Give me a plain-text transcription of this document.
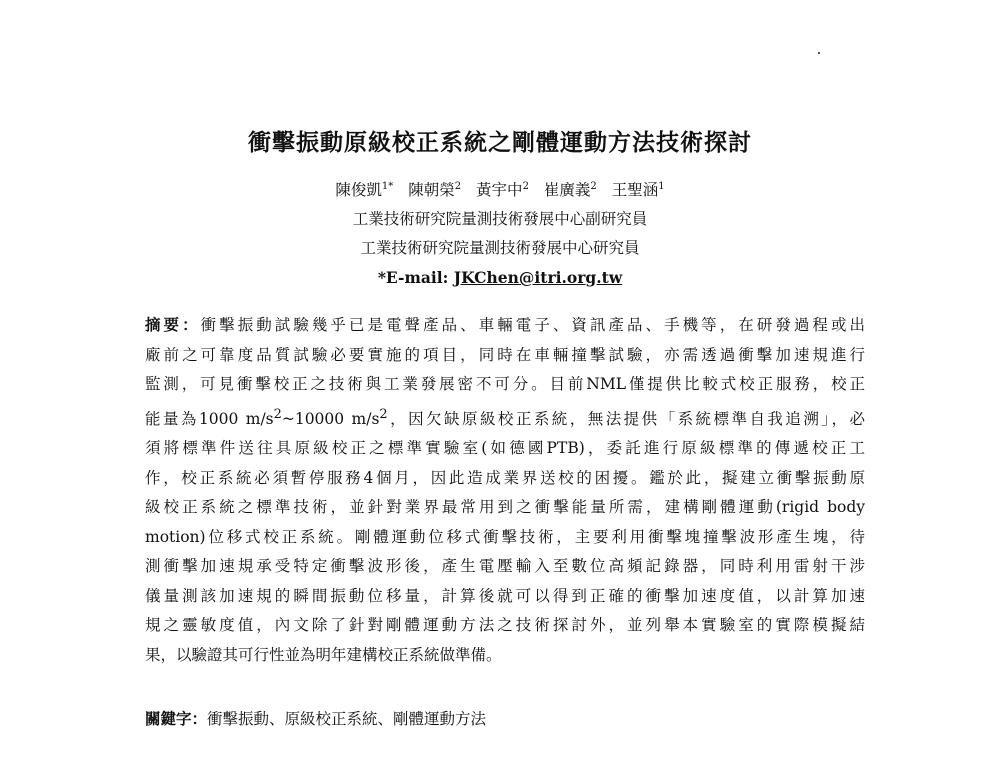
衝擊振動原級校正系統之剛體運動方法技術探討
陳俊凱$^{1*}$ 陳朝榮$^2$ 黃宇中$^2$ 崔廣義$^2$ 王聖涵$^1$
工業技術研究院量測技術發展中心副研究員
工業技術研究院量測技術發展中心研究員
*E-mail: JKChen@itri.org.tw
摘要：衝擊振動試驗幾乎已是電聲產品、車輛電子、資訊產品、手機等，在研發過程或出
廠前之可靠度品質試驗必要實施的項目，同時在車輛撞擊試驗，亦需透過衝擊加速規進行
監測，可見衝擊校正之技術與工業發展密不可分。目前NML僅提供比較式校正服務，校正
能量為1000 $m/s^2\sim 10000$ $m/s^2$，因欠缺原級校正系統，無法提供「系統標準自我追溯」，必
須將標準件送往具原級校正之標準實驗室(如德國PTB)，委託進行原級標準的傳遞校正工
作，校正系統必須暫停服務4個月，因此造成業界送校的困擾。鑑於此，擬建立衝擊振動原
級校正系統之標準技術，並針對業界最常用到之衝擊能量所需，建構剛體運動(rigid body
motion)位移式校正系統。剛體運動位移式衝擊技術，主要利用衝擊塊撞擊波形產生塊，待
測衝擊加速規承受特定衝擊波形後，產生電壓輸入至數位高頻記錄器，同時利用雷射干涉
儀量測該加速規的瞬間振動位移量，計算後就可以得到正確的衝擊加速度值，以計算加速
規之靈敏度值，內文除了針對剛體運動方法之技術探討外，並列舉本實驗室的實際模擬結
果，以驗證其可行性並為明年建構校正系統做準備。

關鍵字：衝擊振動、原級校正系統、剛體運動方法
